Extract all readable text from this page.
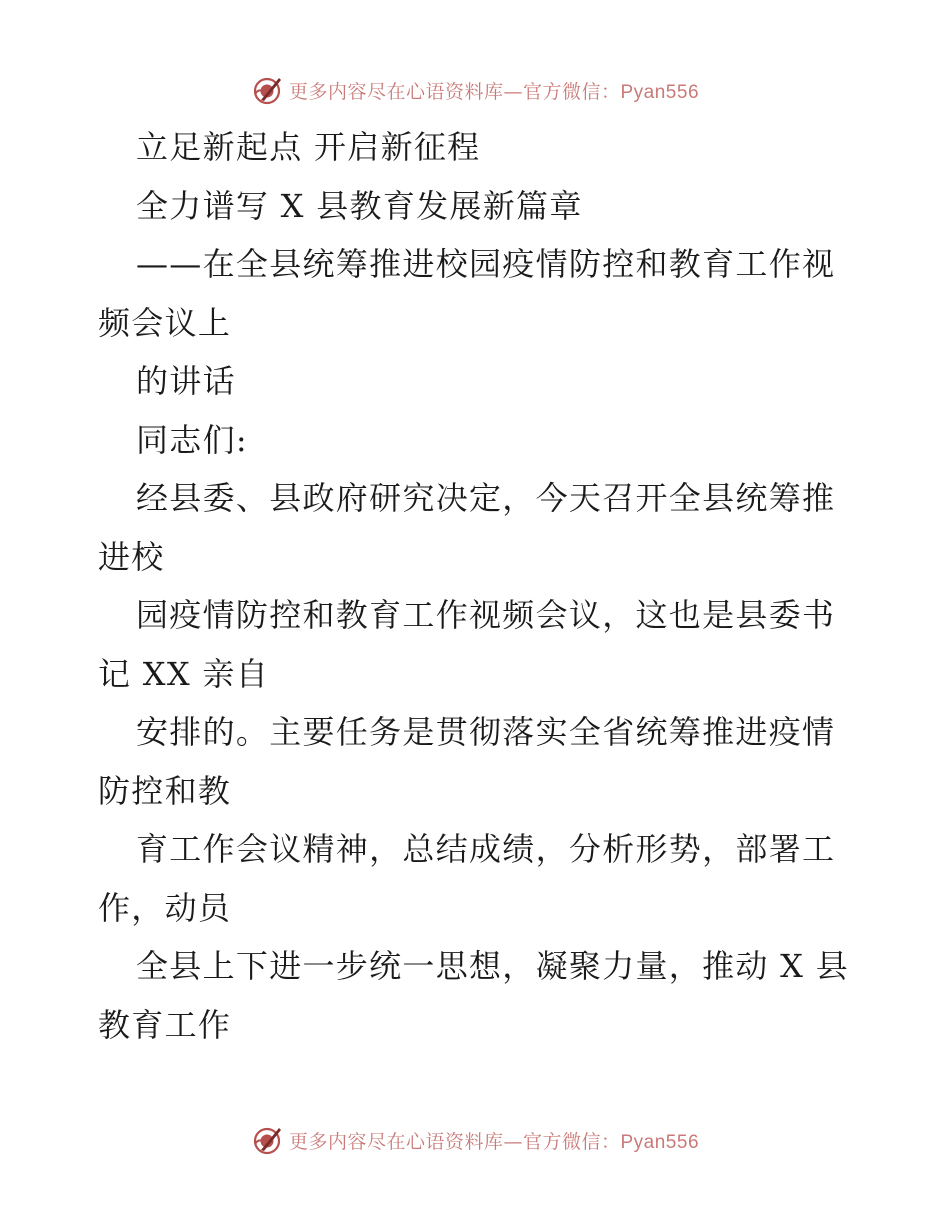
更多内容尽在心语资料库—官方微信：Pyan556
立足新起点 开启新征程
全力谱写 X 县教育发展新篇章
——在全县统筹推进校园疫情防控和教育工作视
频会议上
的讲话
同志们:
经县委、县政府研究决定，今天召开全县统筹推
进校
园疫情防控和教育工作视频会议，这也是县委书
记 XX 亲自
安排的。主要任务是贯彻落实全省统筹推进疫情
防控和教
育工作会议精神，总结成绩，分析形势，部署工
作，动员
全县上下进一步统一思想，凝聚力量，推动 X 县
教育工作
更多内容尽在心语资料库—官方微信：Pyan556
